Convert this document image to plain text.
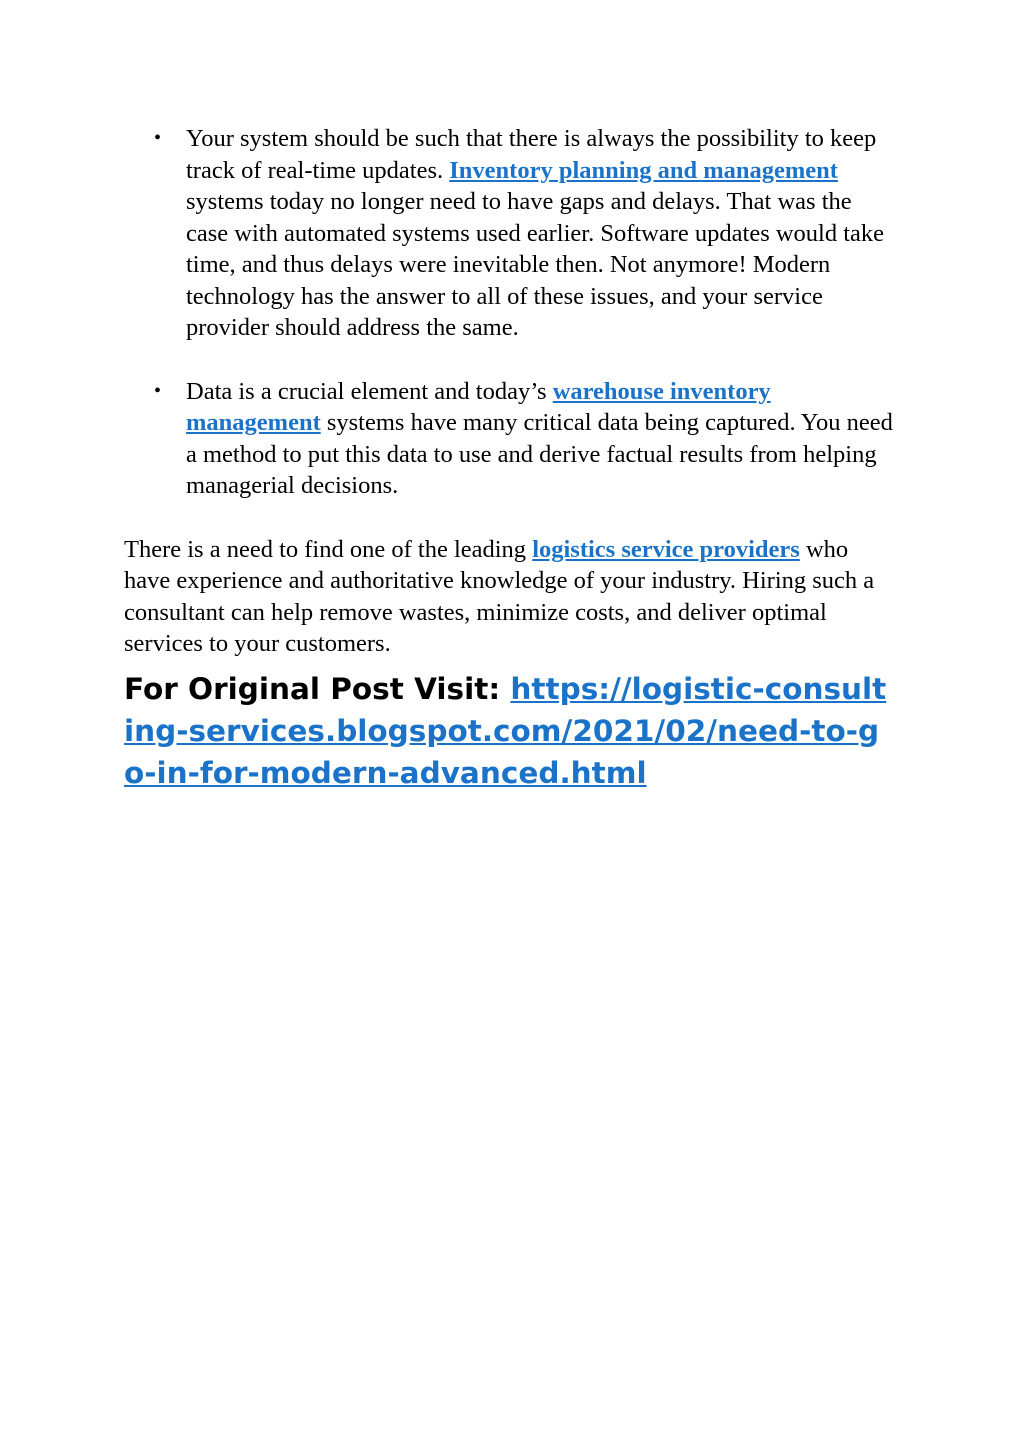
• Your system should be such that there is always the possibility to keep track of real-time updates. Inventory planning and management systems today no longer need to have gaps and delays. That was the case with automated systems used earlier. Software updates would take time, and thus delays were inevitable then. Not anymore! Modern technology has the answer to all of these issues, and your service provider should address the same.
• Data is a crucial element and today’s warehouse inventory management systems have many critical data being captured. You need a method to put this data to use and derive factual results from helping managerial decisions.

There is a need to find one of the leading logistics service providers who have experience and authoritative knowledge of your industry. Hiring such a consultant can help remove wastes, minimize costs, and deliver optimal services to your customers.

For Original Post Visit: https://logistic-consulting-services.blogspot.com/2021/02/need-to-go-in-for-modern-advanced.html
